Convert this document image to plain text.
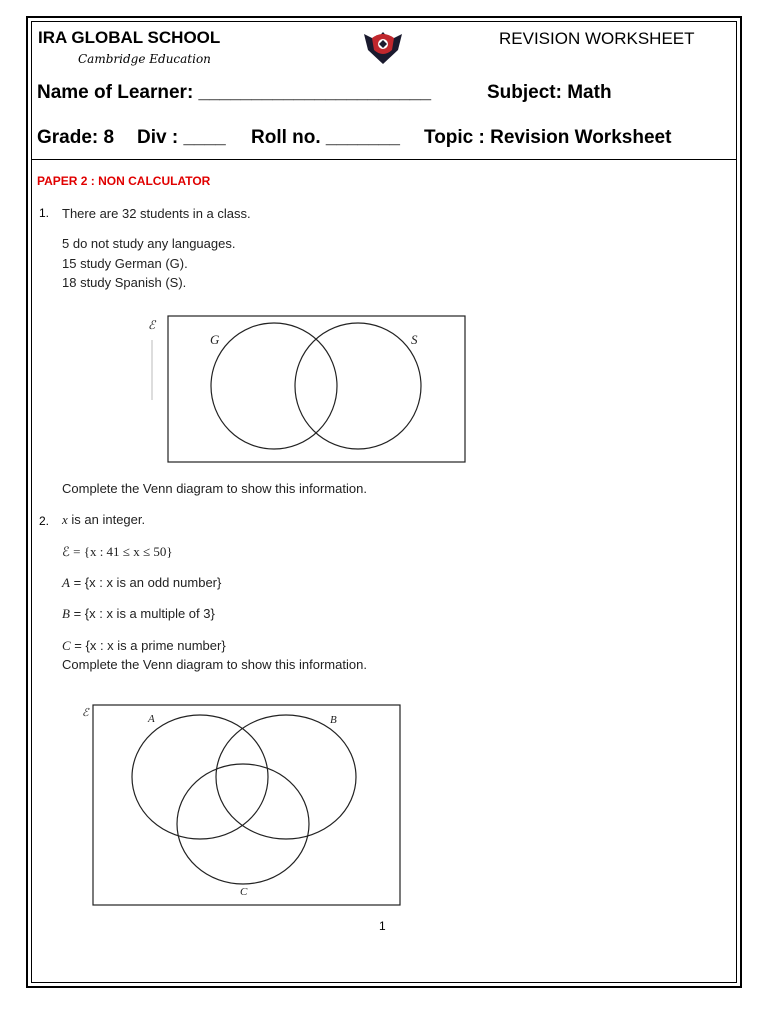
IRA GLOBAL SCHOOL
Cambridge Education
REVISION WORKSHEET
Name of Learner: ______________________	Subject: Math
Grade: 8 Div : ____ Roll no. _______ Topic : Revision Worksheet
PAPER 2 : NON CALCULATOR
1. There are 32 students in a class.
5 do not study any languages.
15 study German (G).
18 study Spanish (S).
ℰ
G	S
Complete the Venn diagram to show this information.
2. x is an integer.
ℰ = {x : 41 ≤ x ≤ 50}
A = {x : x is an odd number}
B = {x : x is a multiple of 3}
C = {x : x is a prime number}
Complete the Venn diagram to show this information.
ℰ	A	B
C
1
